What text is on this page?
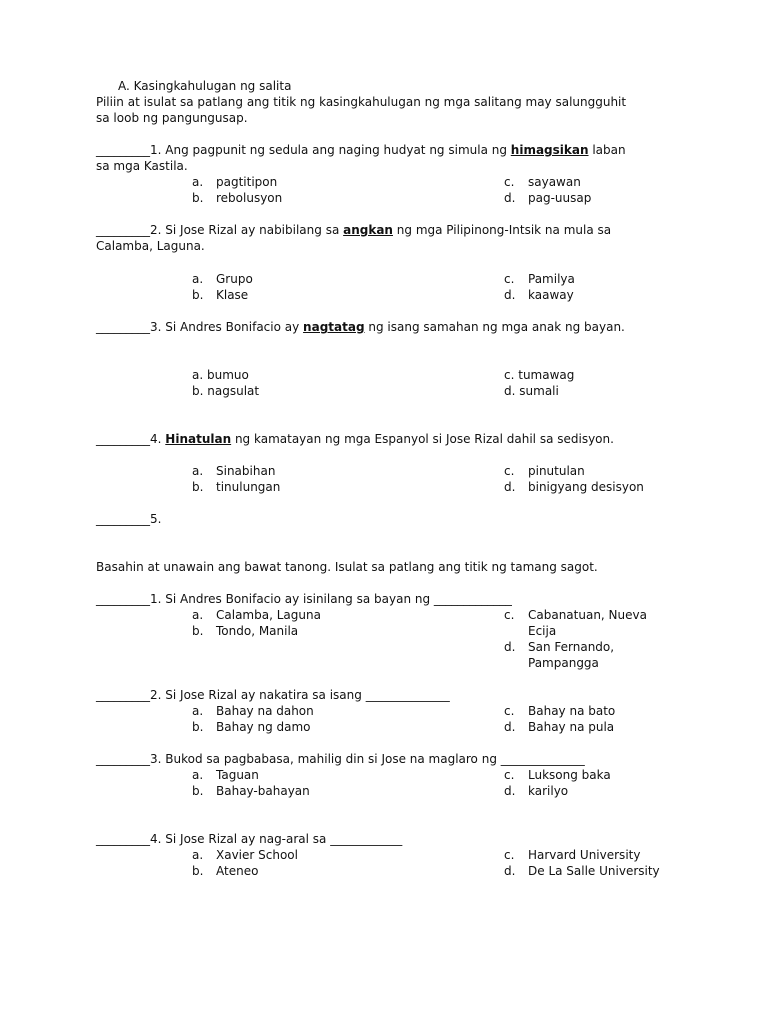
A. Kasingkahulugan ng salita
Piliin at isulat sa patlang ang titik ng kasingkahulugan ng mga salitang may salungguhit
sa loob ng pangungusap.
_________1. Ang pagpunit ng sedula ang naging hudyat ng simula ng himagsikan laban
sa mga Kastila.
a. pagtitipon
b. rebolusyon
c. sayawan
d. pag-uusap
_________2. Si Jose Rizal ay nabibilang sa angkan ng mga Pilipinong-Intsik na mula sa
Calamba, Laguna.
a. Grupo
b. Klase
c. Pamilya
d. kaaway
_________3. Si Andres Bonifacio ay nagtatag ng isang samahan ng mga anak ng bayan.
a. bumuo
b. nagsulat
c. tumawag
d. sumali
_________4. Hinatulan ng kamatayan ng mga Espanyol si Jose Rizal dahil sa sedisyon.
a. Sinabihan
b. tinulungan
c. pinutulan
d. binigyang desisyon
_________5.
Basahin at unawain ang bawat tanong. Isulat sa patlang ang titik ng tamang sagot.
_________1. Si Andres Bonifacio ay isinilang sa bayan ng _____________
a. Calamba, Laguna
b. Tondo, Manila
c. Cabanatuan, Nueva
Ecija
d. San Fernando,
Pampangga
_________2. Si Jose Rizal ay nakatira sa isang ______________
a. Bahay na dahon
b. Bahay ng damo
c. Bahay na bato
d. Bahay na pula
_________3. Bukod sa pagbabasa, mahilig din si Jose na maglaro ng ______________
a. Taguan
b. Bahay-bahayan
c. Luksong baka
d. karilyo
_________4. Si Jose Rizal ay nag-aral sa ____________
a. Xavier School
b. Ateneo
c. Harvard University
d. De La Salle University
